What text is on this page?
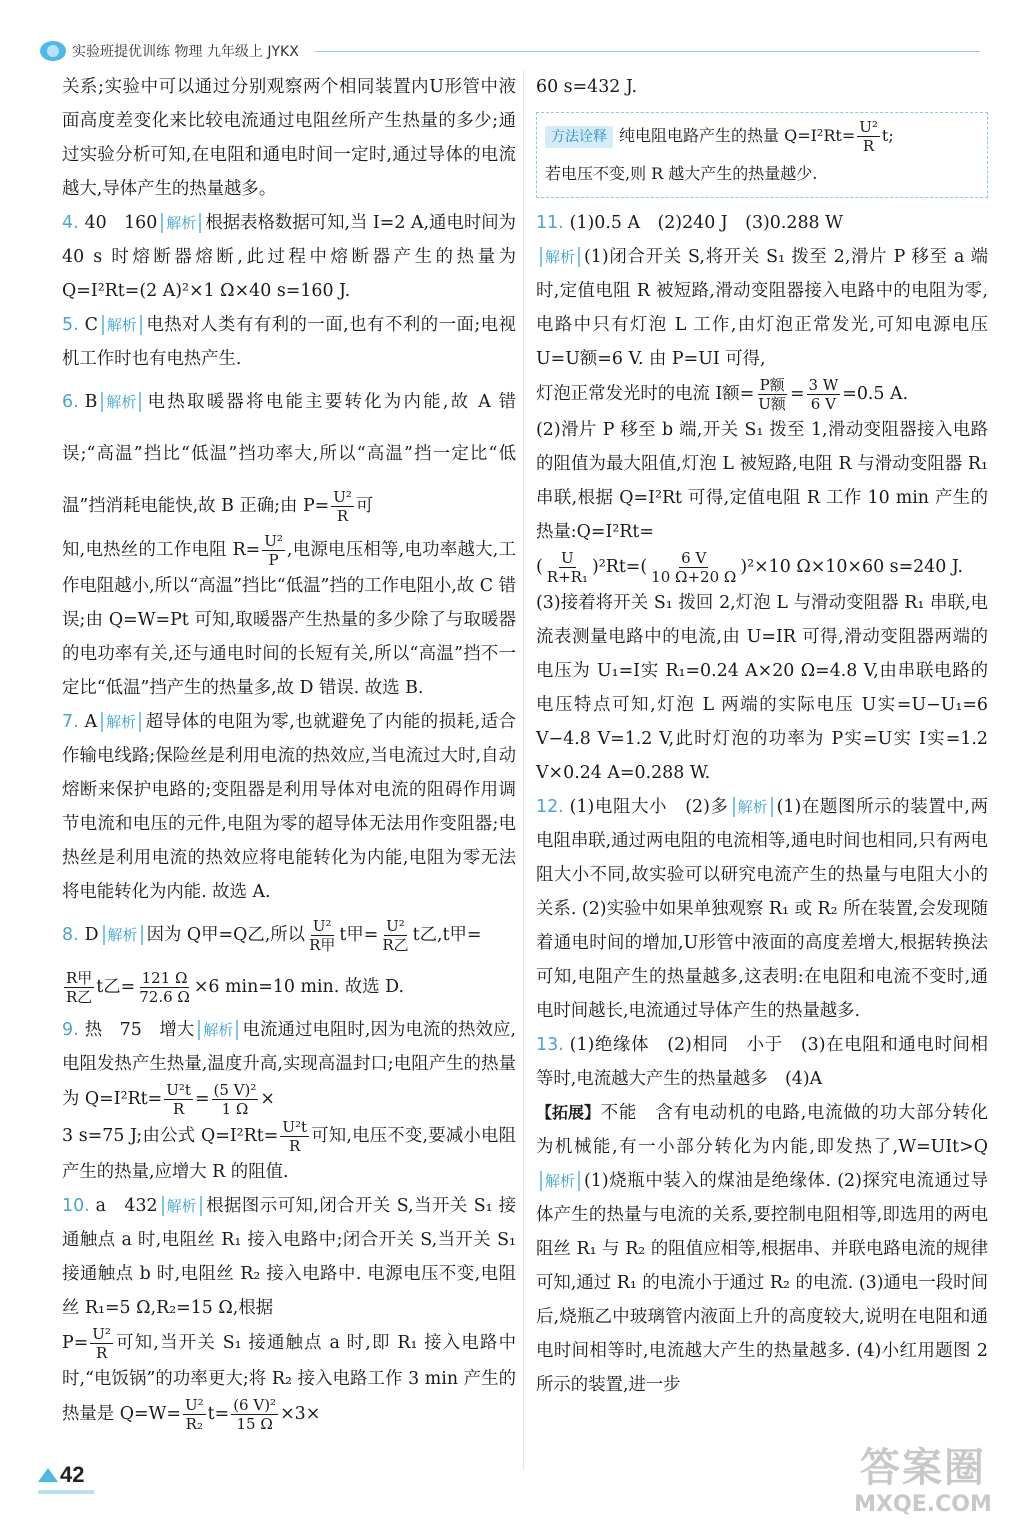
实验班提优训练 物理 九年级上 JYKX

关系;实验中可以通过分别观察两个相同装置内U形管中液面高度差变化来比较电流通过电阻丝所产生热量的多少;通过实验分析可知,在电阻和通电时间一定时,通过导体的电流越大,导体产生的热量越多。

4. 40　160 解析 根据表格数据可知,当 I=2 A,通电时间为 40 s 时熔断器熔断,此过程中熔断器产生的热量为 Q=I²Rt=(2 A)²×1 Ω×40 s=160 J.

5. C 解析 电热对人类有有利的一面,也有不利的一面;电视机工作时也有电热产生.

6. B 解析 电热取暖器将电能主要转化为内能,故 A 错误;“高温”挡比“低温”挡功率大,所以“高温”挡一定比“低温”挡消耗电能快,故 B 正确;由 $P= \frac{\text{U²}}{R}$ 可

知,电热丝的工作电阻 $R= \frac{\text{U²}}{P}$ ,电源电压相等,电功率越大,工作电阻越小,所以“高温”挡比“低温”挡的工作电阻小,故 C 错误;由 Q=W=Pt 可知,取暖器产生热量的多少除了与取暖器的电功率有关,还与通电时间的长短有关,所以“高温”挡不一定比“低温”挡产生的热量多,故 D 错误. 故选 B.

7. A 解析 超导体的电阻为零,也就避免了内能的损耗,适合作输电线路;保险丝是利用电流的热效应,当电流过大时,自动熔断来保护电路的;变阻器是利用导体对电流的阻碍作用调节电流和电压的元件,电阻为零的超导体无法用作变阻器;电热丝是利用电流的热效应将电能转化为内能,电阻为零无法将电能转化为内能. 故选 A.

8. D 解析 因为 Q甲=Q乙,所以 $\frac{\text{U²}}{\text{R甲}}$ t甲= $\frac{\text{U²}}{\text{R乙}}$ t乙,t甲=

$\frac{\text{R甲}}{\text{R乙}}$ t乙= $\frac{121 \Omega}{72.6 \Omega} \times 6$ min=10 min. 故选 D.

9. 热　75　增大 解析 电流通过电阻时,因为电流的热效应,电阻发热产生热量,温度升高,实现高温封口;电阻产生的热量为 $Q=I^2Rt= \frac{\text{U²t}}{R} = \frac{\text{(5 V)²}}{1 \Omega}$ ×

3 s=75 J;由公式 $Q=I^2Rt= \frac{\text{U²t}}{R}$ 可知,电压不变,要减小电阻产生的热量,应增大 R 的阻值.

10. a　432 解析 根据图示可知,闭合开关 S,当开关 S₁ 接通触点 a 时,电阻丝 R₁ 接入电路中;闭合开关 S,当开关 S₁ 接通触点 b 时,电阻丝 R₂ 接入电路中. 电源电压不变,电阻丝 R₁=5 Ω,R₂=15 Ω,根据

$P= \frac{\text{U²}}{R}$ 可知,当开关 S₁ 接通触点 a 时,即 R₁ 接入电路中时,“电饭锅”的功率更大;将 R₂ 接入电路工作 3 min 产生的热量是 $Q=W= \frac{\text{U²}}{\text{R₂}} t= \frac{\text{(6 V)²}}{15 \Omega} \times 3\times$

60 s=432 J.

方法诠释 纯电阻电路产生的热量 $Q=I^2Rt= \frac{\text{U²}}{R} t$;
若电压不变,则 R 越大产生的热量越少.

11. (1)0.5 A　(2)240 J　(3)0.288 W

解析 (1)闭合开关 S,将开关 S₁ 拨至 2,滑片 P 移至 a 端时,定值电阻 R 被短路,滑动变阻器接入电路中的电阻为零,电路中只有灯泡 L 工作,由灯泡正常发光,可知电源电压 U=U额=6 V. 由 P=UI 可得,

灯泡正常发光时的电流 I额= $\frac{\text{P额}}{\text{U额}} = \frac{3 W}{6 V} =0.5$ A.

(2)滑片 P 移至 b 端,开关 S₁ 拨至 1,滑动变阻器接入电路的阻值为最大阻值,灯泡 L 被短路,电阻 R 与滑动变阻器 R₁ 串联,根据 Q=I²Rt 可得,定值电阻 R 工作 10 min 产生的热量:Q=I²Rt=

( $\frac{U}{\text{R+R₁}} )^2Rt=( \frac{6 V}{10 \Omega+20 \Omega} )^2\times 10$ Ω×10×60 s=240 J.

(3)接着将开关 S₁ 拨回 2,灯泡 L 与滑动变阻器 R₁ 串联,电流表测量电路中的电流,由 U=IR 可得,滑动变阻器两端的电压为 U₁=I实 R₁=0.24 A×20 Ω=4.8 V,由串联电路的电压特点可知,灯泡 L 两端的实际电压 U实=U−U₁=6 V−4.8 V=1.2 V,此时灯泡的功率为 P实=U实 I实=1.2 V×0.24 A=0.288 W.

12. (1)电阻大小　(2)多 解析 (1)在题图所示的装置中,两电阻串联,通过两电阻的电流相等,通电时间也相同,只有两电阻大小不同,故实验可以研究电流产生的热量与电阻大小的关系. (2)实验中如果单独观察 R₁ 或 R₂ 所在装置,会发现随着通电时间的增加,U形管中液面的高度差增大,根据转换法可知,电阻产生的热量越多,这表明:在电阻和电流不变时,通电时间越长,电流通过导体产生的热量越多.

13. (1)绝缘体　(2)相同　小于　(3)在电阻和通电时间相等时,电流越大产生的热量越多　(4)A
【拓展】不能　含有电动机的电路,电流做的功大部分转化为机械能,有一小部分转化为内能,即发热了,W=UIt>Q解析 (1)烧瓶中装入的煤油是绝缘体. (2)探究电流通过导体产生的热量与电流的关系,要控制电阻相等,即选用的两电阻丝 R₁ 与 R₂ 的阻值应相等,根据串、并联电路电流的规律可知,通过 R₁ 的电流小于通过 R₂ 的电流. (3)通电一段时间后,烧瓶乙中玻璃管内液面上升的高度较大,说明在电阻和通电时间相等时,电流越大产生的热量越多. (4)小红用题图 2 所示的装置,进一步

42	答案圈
MXQE.COM
